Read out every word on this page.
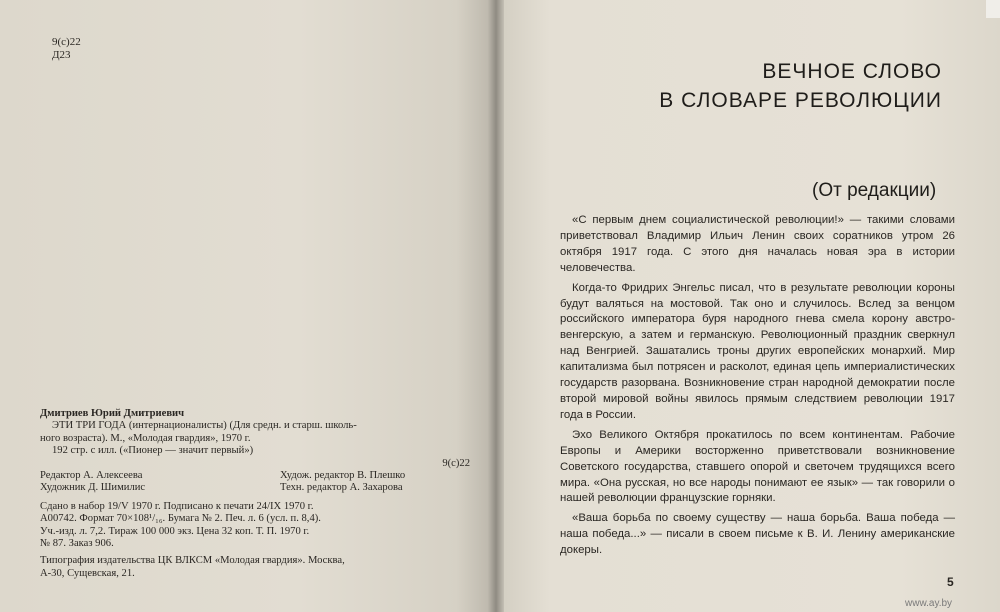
9(с)22
Д23

Дмитриев Юрий Дмитриевич

ЭТИ ТРИ ГОДА (интернационалисты) (Для средн. и старш. школь-

ного возраста). М., «Молодая гвардия», 1970 г.

192 стр. с илл. («Пионер — значит первый»)

9(с)22

Редактор А. Алексеева	Худож. редактор В. Плешко
Художник Д. Шимилис	Техн. редактор А. Захарова

Сдано в набор 19/V 1970 г. Подписано к печати 24/IX 1970 г.

А00742. Формат 70×108¹/₁₆. Бумага № 2. Печ. л. 6 (усл. п. 8,4).

Уч.-изд. л. 7,2. Тираж 100 000 экз. Цена 32 коп. Т. П. 1970 г.

№ 87. Заказ 906.

Типография издательства ЦК ВЛКСМ «Молодая гвардия». Москва,

А-30, Сущевская, 21.

ВЕЧНОЕ СЛОВО
В СЛОВАРЕ РЕВОЛЮЦИИ
(От редакции)

«С первым днем социалистической революции!» — такими словами приветствовал Владимир Ильич Ленин своих соратников утром 26 октября 1917 года. С этого дня началась новая эра в истории человечества.

Когда-то Фридрих Энгельс писал, что в результате революции короны будут валяться на мостовой. Так оно и случилось. Вслед за венцом российского императора буря народного гнева смела корону австро-венгерскую, а затем и германскую. Революционный праздник сверкнул над Венгрией. Зашатались троны других европейских монархий. Мир капитализма был потрясен и расколот, единая цепь империалистических государств разорвана. Возникновение стран народной демократии после второй мировой войны явилось прямым следствием революции 1917 года в России.

Эхо Великого Октября прокатилось по всем континентам. Рабочие Европы и Америки восторженно приветствовали возникновение Советского государства, ставшего опорой и светочем трудящихся всего мира. «Она русская, но все народы понимают ее язык» — так говорили о нашей революции французские горняки.

«Ваша борьба по своему существу — наша борьба. Ваша победа — наша победа...» — писали в своем письме к В. И. Ленину американские докеры.

5
www.ay.by
